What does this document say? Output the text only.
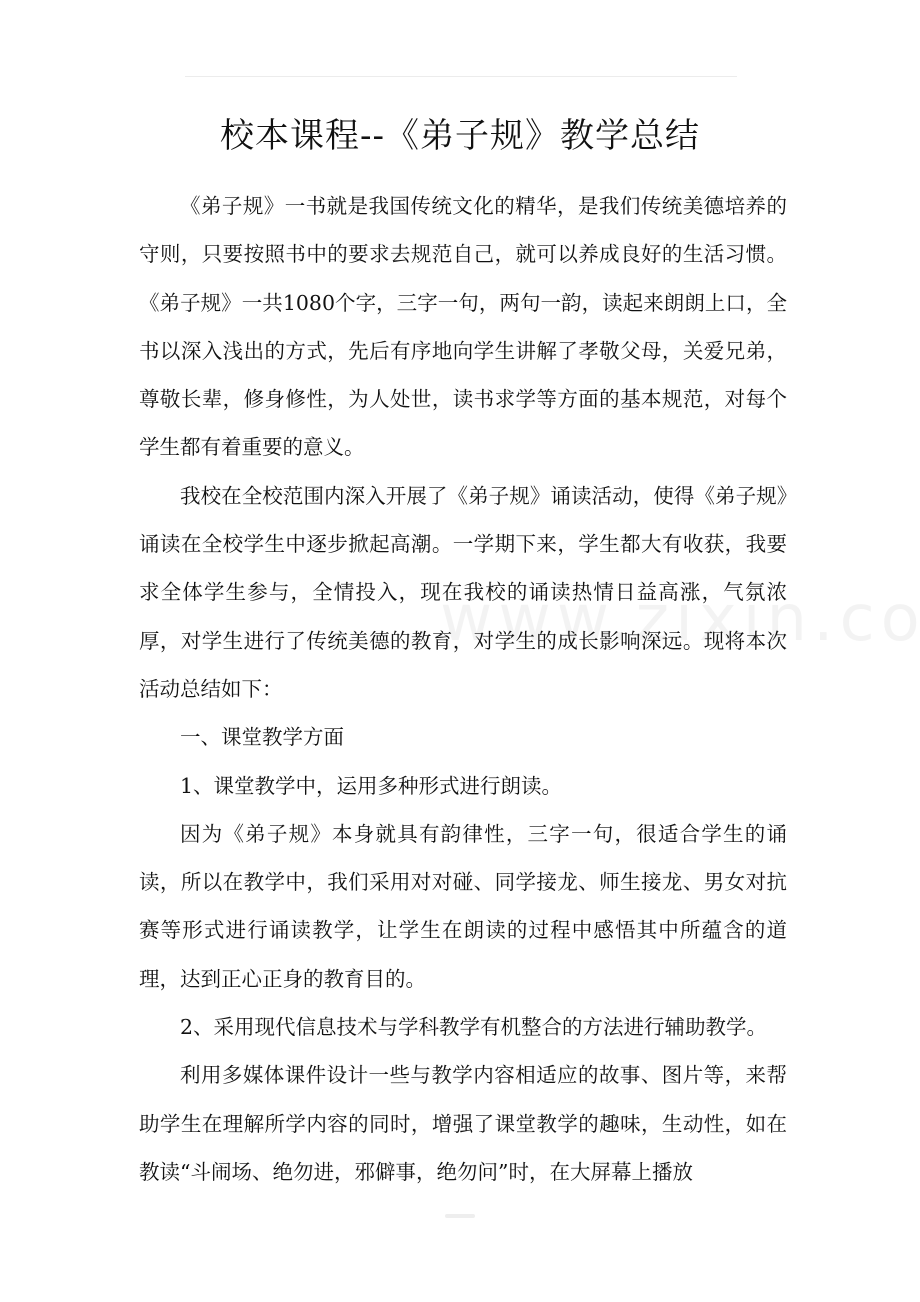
校本课程--《弟子规》教学总结

《弟子规》一书就是我国传统文化的精华，是我们传统美德培养的守则，只要按照书中的要求去规范自己，就可以养成良好的生活习惯。《弟子规》一共1080个字，三字一句，两句一韵，读起来朗朗上口，全书以深入浅出的方式，先后有序地向学生讲解了孝敬父母，关爱兄弟，尊敬长辈，修身修性，为人处世，读书求学等方面的基本规范，对每个学生都有着重要的意义。

我校在全校范围内深入开展了《弟子规》诵读活动，使得《弟子规》诵读在全校学生中逐步掀起高潮。一学期下来，学生都大有收获，我要求全体学生参与，全情投入，现在我校的诵读热情日益高涨，气氛浓厚，对学生进行了传统美德的教育，对学生的成长影响深远。现将本次活动总结如下：

一、课堂教学方面

1、课堂教学中，运用多种形式进行朗读。

因为《弟子规》本身就具有韵律性，三字一句，很适合学生的诵读，所以在教学中，我们采用对对碰、同学接龙、师生接龙、男女对抗赛等形式进行诵读教学，让学生在朗读的过程中感悟其中所蕴含的道理，达到正心正身的教育目的。

2、采用现代信息技术与学科教学有机整合的方法进行辅助教学。

利用多媒体课件设计一些与教学内容相适应的故事、图片等，来帮助学生在理解所学内容的同时，增强了课堂教学的趣味，生动性，如在教读“斗闹场、绝勿进，邪僻事，绝勿问”时，在大屏幕上播放
